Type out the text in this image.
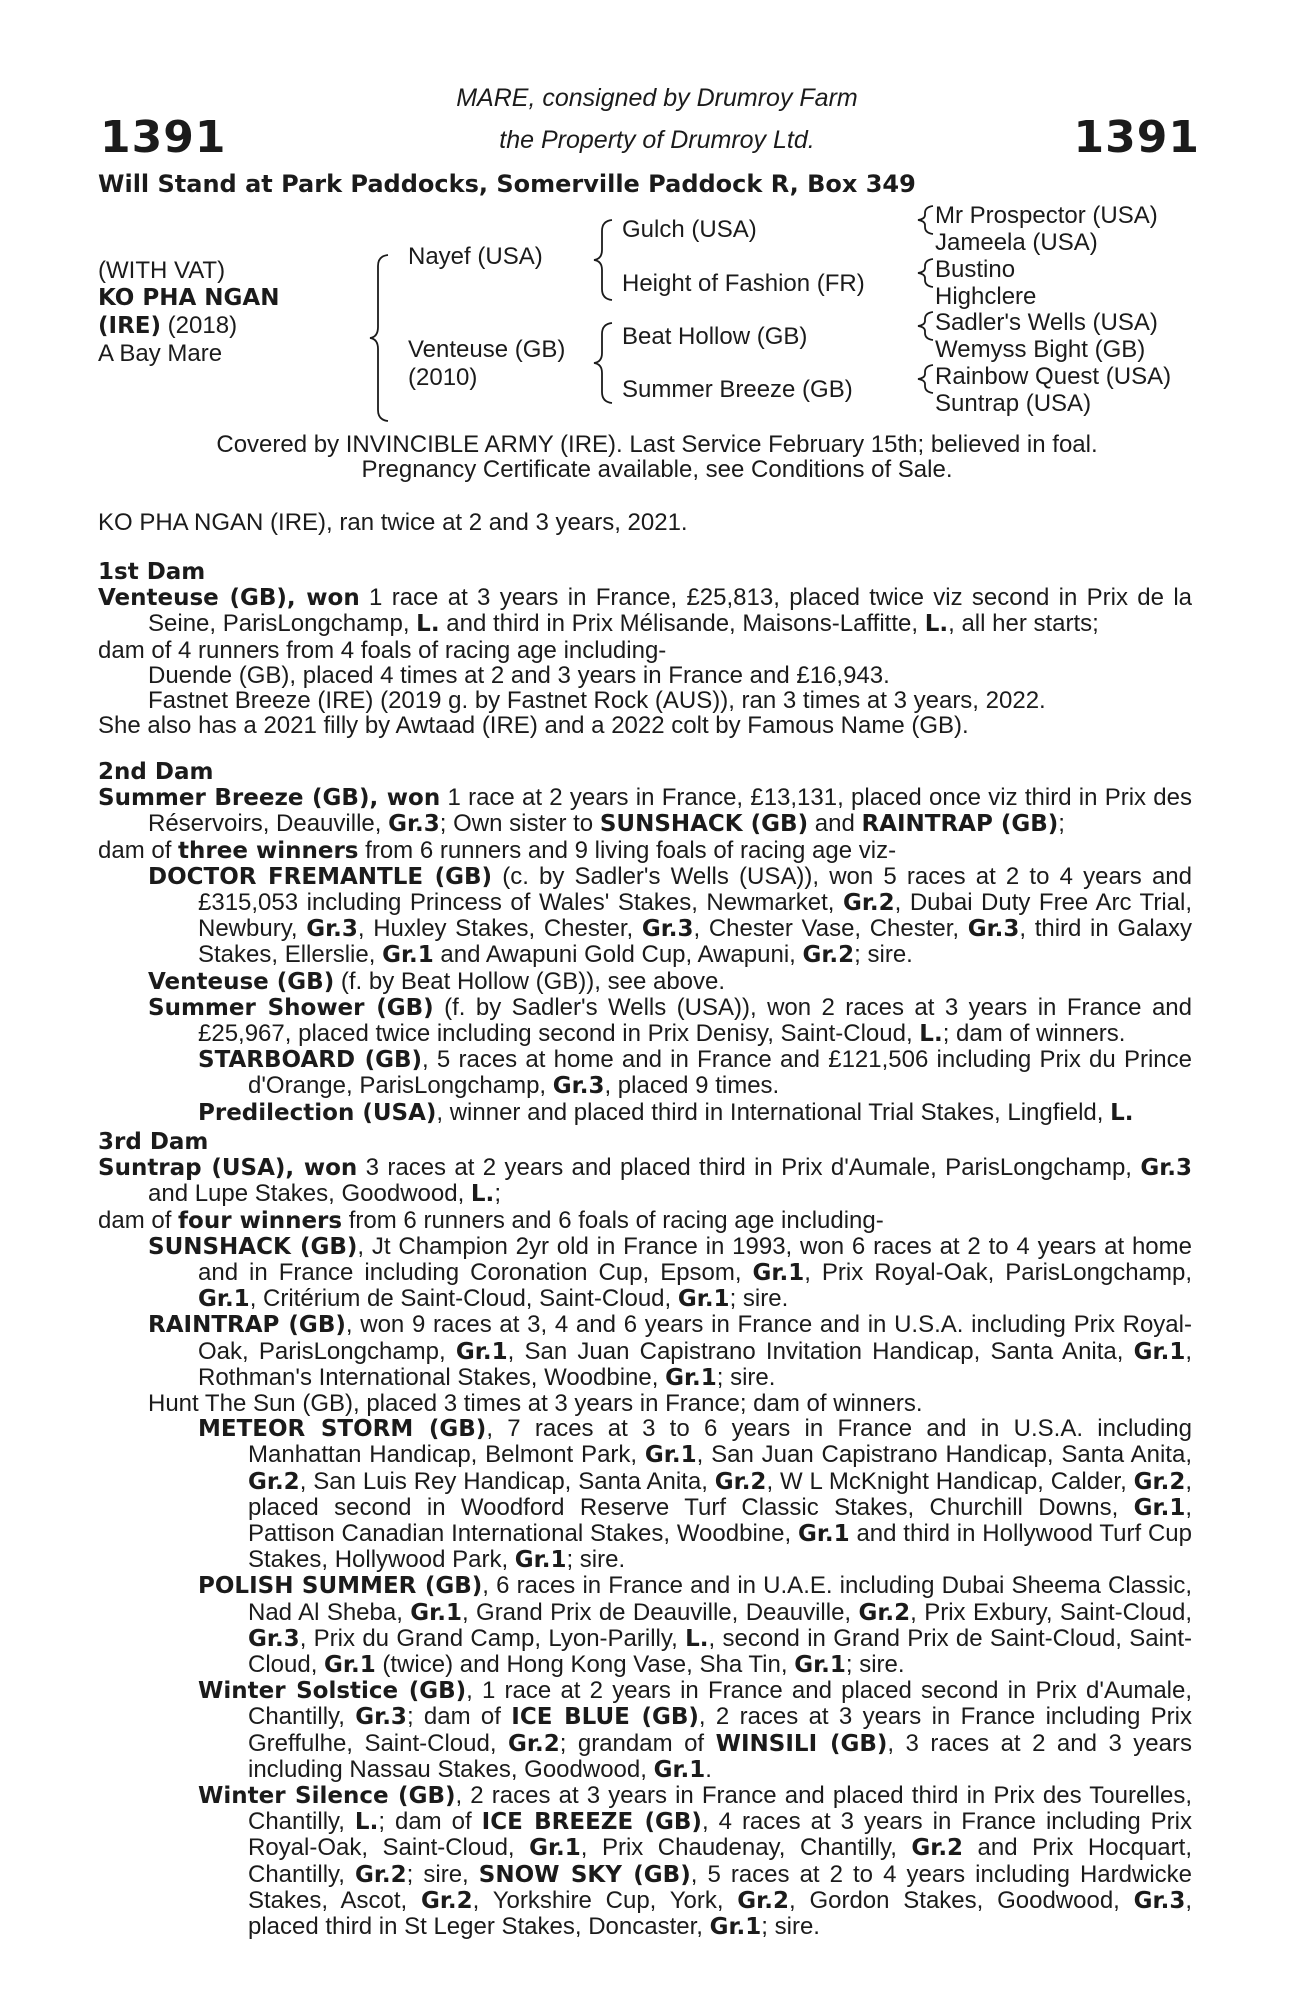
1391	1391
MARE, consigned by Drumroy Farm
the Property of Drumroy Ltd.
Will Stand at Park Paddocks, Somerville Paddock R, Box 349
(WITH VAT)
KO PHA NGAN
(IRE) (2018)
A Bay Mare
Nayef (USA)
Venteuse (GB)
(2010)
Gulch (USA)
Height of Fashion (FR)
Beat Hollow (GB)
Summer Breeze (GB)
Mr Prospector (USA)
Jameela (USA)
Bustino
Highclere
Sadler's Wells (USA)
Wemyss Bight (GB)
Rainbow Quest (USA)
Suntrap (USA)
Covered by INVINCIBLE ARMY (IRE). Last Service February 15th; believed in foal.
Pregnancy Certificate available, see Conditions of Sale.
KO PHA NGAN (IRE), ran twice at 2 and 3 years, 2021.

1st Dam

Venteuse (GB), won 1 race at 3 years in France, £25,813, placed twice viz second in Prix de la Seine, ParisLongchamp, L. and third in Prix Mélisande, Maisons-Laffitte, L., all her starts;

dam of 4 runners from 4 foals of racing age including-

Duende (GB), placed 4 times at 2 and 3 years in France and £16,943.

Fastnet Breeze (IRE) (2019 g. by Fastnet Rock (AUS)), ran 3 times at 3 years, 2022.

She also has a 2021 filly by Awtaad (IRE) and a 2022 colt by Famous Name (GB).

2nd Dam

Summer Breeze (GB), won 1 race at 2 years in France, £13,131, placed once viz third in Prix des Réservoirs, Deauville, Gr.3; Own sister to SUNSHACK (GB) and RAINTRAP (GB);

dam of three winners from 6 runners and 9 living foals of racing age viz-

DOCTOR FREMANTLE (GB) (c. by Sadler's Wells (USA)), won 5 races at 2 to 4 years and £315,053 including Princess of Wales' Stakes, Newmarket, Gr.2, Dubai Duty Free Arc Trial, Newbury, Gr.3, Huxley Stakes, Chester, Gr.3, Chester Vase, Chester, Gr.3, third in Galaxy Stakes, Ellerslie, Gr.1 and Awapuni Gold Cup, Awapuni, Gr.2; sire.

Venteuse (GB) (f. by Beat Hollow (GB)), see above.

Summer Shower (GB) (f. by Sadler's Wells (USA)), won 2 races at 3 years in France and £25,967, placed twice including second in Prix Denisy, Saint-Cloud, L.; dam of winners.

STARBOARD (GB), 5 races at home and in France and £121,506 including Prix du Prince d'Orange, ParisLongchamp, Gr.3, placed 9 times.

Predilection (USA), winner and placed third in International Trial Stakes, Lingfield, L.

3rd Dam

Suntrap (USA), won 3 races at 2 years and placed third in Prix d'Aumale, ParisLongchamp, Gr.3 and Lupe Stakes, Goodwood, L.;

dam of four winners from 6 runners and 6 foals of racing age including-

SUNSHACK (GB), Jt Champion 2yr old in France in 1993, won 6 races at 2 to 4 years at home and in France including Coronation Cup, Epsom, Gr.1, Prix Royal-Oak, ParisLongchamp, Gr.1, Critérium de Saint-Cloud, Saint-Cloud, Gr.1; sire.

RAINTRAP (GB), won 9 races at 3, 4 and 6 years in France and in U.S.A. including Prix Royal-Oak, ParisLongchamp, Gr.1, San Juan Capistrano Invitation Handicap, Santa Anita, Gr.1, Rothman's International Stakes, Woodbine, Gr.1; sire.

Hunt The Sun (GB), placed 3 times at 3 years in France; dam of winners.

METEOR STORM (GB), 7 races at 3 to 6 years in France and in U.S.A. including Manhattan Handicap, Belmont Park, Gr.1, San Juan Capistrano Handicap, Santa Anita, Gr.2, San Luis Rey Handicap, Santa Anita, Gr.2, W L McKnight Handicap, Calder, Gr.2, placed second in Woodford Reserve Turf Classic Stakes, Churchill Downs, Gr.1, Pattison Canadian International Stakes, Woodbine, Gr.1 and third in Hollywood Turf Cup Stakes, Hollywood Park, Gr.1; sire.

POLISH SUMMER (GB), 6 races in France and in U.A.E. including Dubai Sheema Classic, Nad Al Sheba, Gr.1, Grand Prix de Deauville, Deauville, Gr.2, Prix Exbury, Saint-Cloud, Gr.3, Prix du Grand Camp, Lyon-Parilly, L., second in Grand Prix de Saint-Cloud, Saint-Cloud, Gr.1 (twice) and Hong Kong Vase, Sha Tin, Gr.1; sire.

Winter Solstice (GB), 1 race at 2 years in France and placed second in Prix d'Aumale, Chantilly, Gr.3; dam of ICE BLUE (GB), 2 races at 3 years in France including Prix Greffulhe, Saint-Cloud, Gr.2; grandam of WINSILI (GB), 3 races at 2 and 3 years including Nassau Stakes, Goodwood, Gr.1.

Winter Silence (GB), 2 races at 3 years in France and placed third in Prix des Tourelles, Chantilly, L.; dam of ICE BREEZE (GB), 4 races at 3 years in France including Prix Royal-Oak, Saint-Cloud, Gr.1, Prix Chaudenay, Chantilly, Gr.2 and Prix Hocquart, Chantilly, Gr.2; sire, SNOW SKY (GB), 5 races at 2 to 4 years including Hardwicke Stakes, Ascot, Gr.2, Yorkshire Cup, York, Gr.2, Gordon Stakes, Goodwood, Gr.3, placed third in St Leger Stakes, Doncaster, Gr.1; sire.
